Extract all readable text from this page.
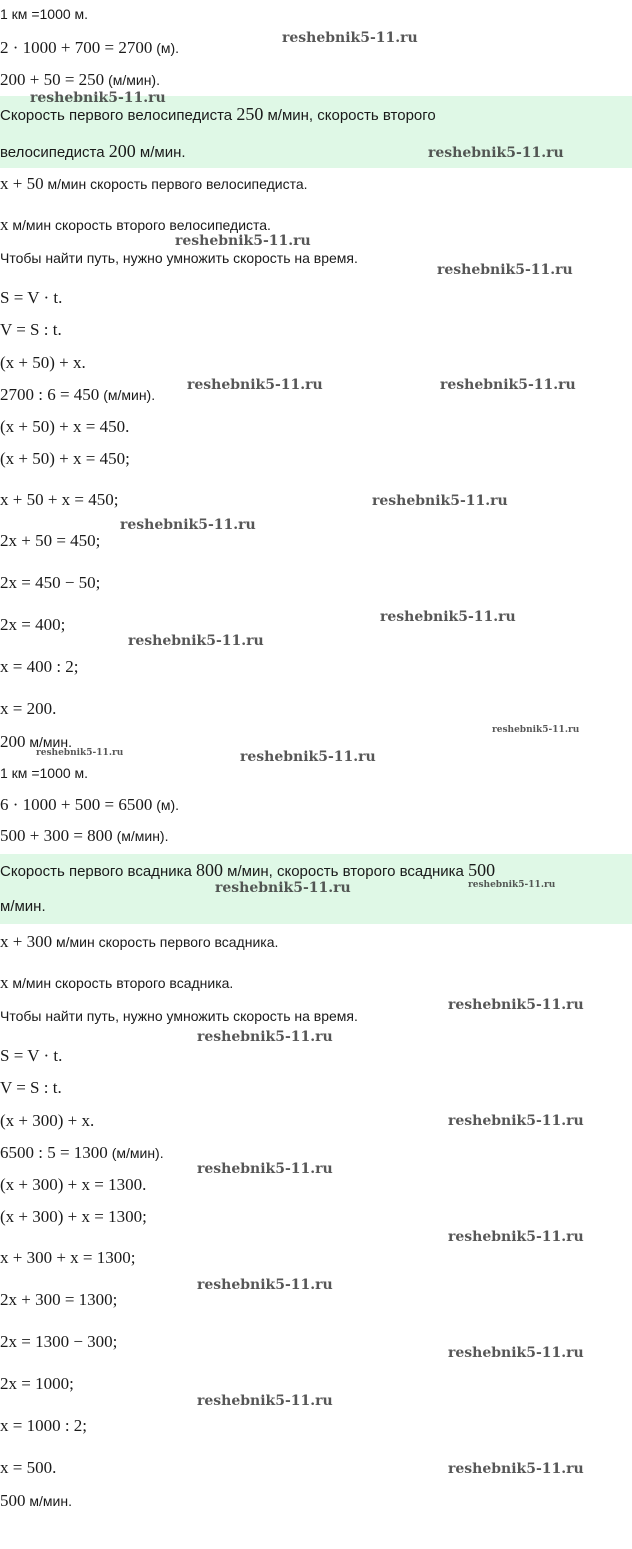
1 км =1000 м.
2 · 1000 + 700 = 2700 (м).
200 + 50 = 250 (м/мин).
Скорость первого велосипедиста 250 м/мин, скорость второго
велосипедиста 200 м/мин.
x + 50 м/мин скорость первого велосипедиста.
x м/мин скорость второго велосипедиста.
Чтобы найти путь, нужно умножить скорость на время.
S = V · t.
V = S : t.
(x + 50) + x.
2700 : 6 = 450 (м/мин).
(x + 50) + x = 450.
(x + 50) + x = 450;
x + 50 + x = 450;
2x + 50 = 450;
2x = 450 − 50;
2x = 400;
x = 400 : 2;
x = 200.
200 м/мин.
1 км =1000 м.
6 · 1000 + 500 = 6500 (м).
500 + 300 = 800 (м/мин).
Скорость первого всадника 800 м/мин, скорость второго всадника 500
м/мин.
x + 300 м/мин скорость первого всадника.
x м/мин скорость второго всадника.
Чтобы найти путь, нужно умножить скорость на время.
S = V · t.
V = S : t.
(x + 300) + x.
6500 : 5 = 1300 (м/мин).
(x + 300) + x = 1300.
(x + 300) + x = 1300;
x + 300 + x = 1300;
2x + 300 = 1300;
2x = 1300 − 300;
2x = 1000;
x = 1000 : 2;
x = 500.
500 м/мин.
reshebnik5-11.ru
reshebnik5-11.ru
reshebnik5-11.ru
reshebnik5-11.ru
reshebnik5-11.ru
reshebnik5-11.ru	reshebnik5-11.ru
reshebnik5-11.ru
reshebnik5-11.ru
reshebnik5-11.ru
reshebnik5-11.ru
reshebnik5-11.ru
reshebnik5-11.ru	reshebnik5-11.ru
reshebnik5-11.ru	reshebnik5-11.ru
reshebnik5-11.ru
reshebnik5-11.ru
reshebnik5-11.ru
reshebnik5-11.ru
reshebnik5-11.ru
reshebnik5-11.ru
reshebnik5-11.ru
reshebnik5-11.ru
reshebnik5-11.ru
